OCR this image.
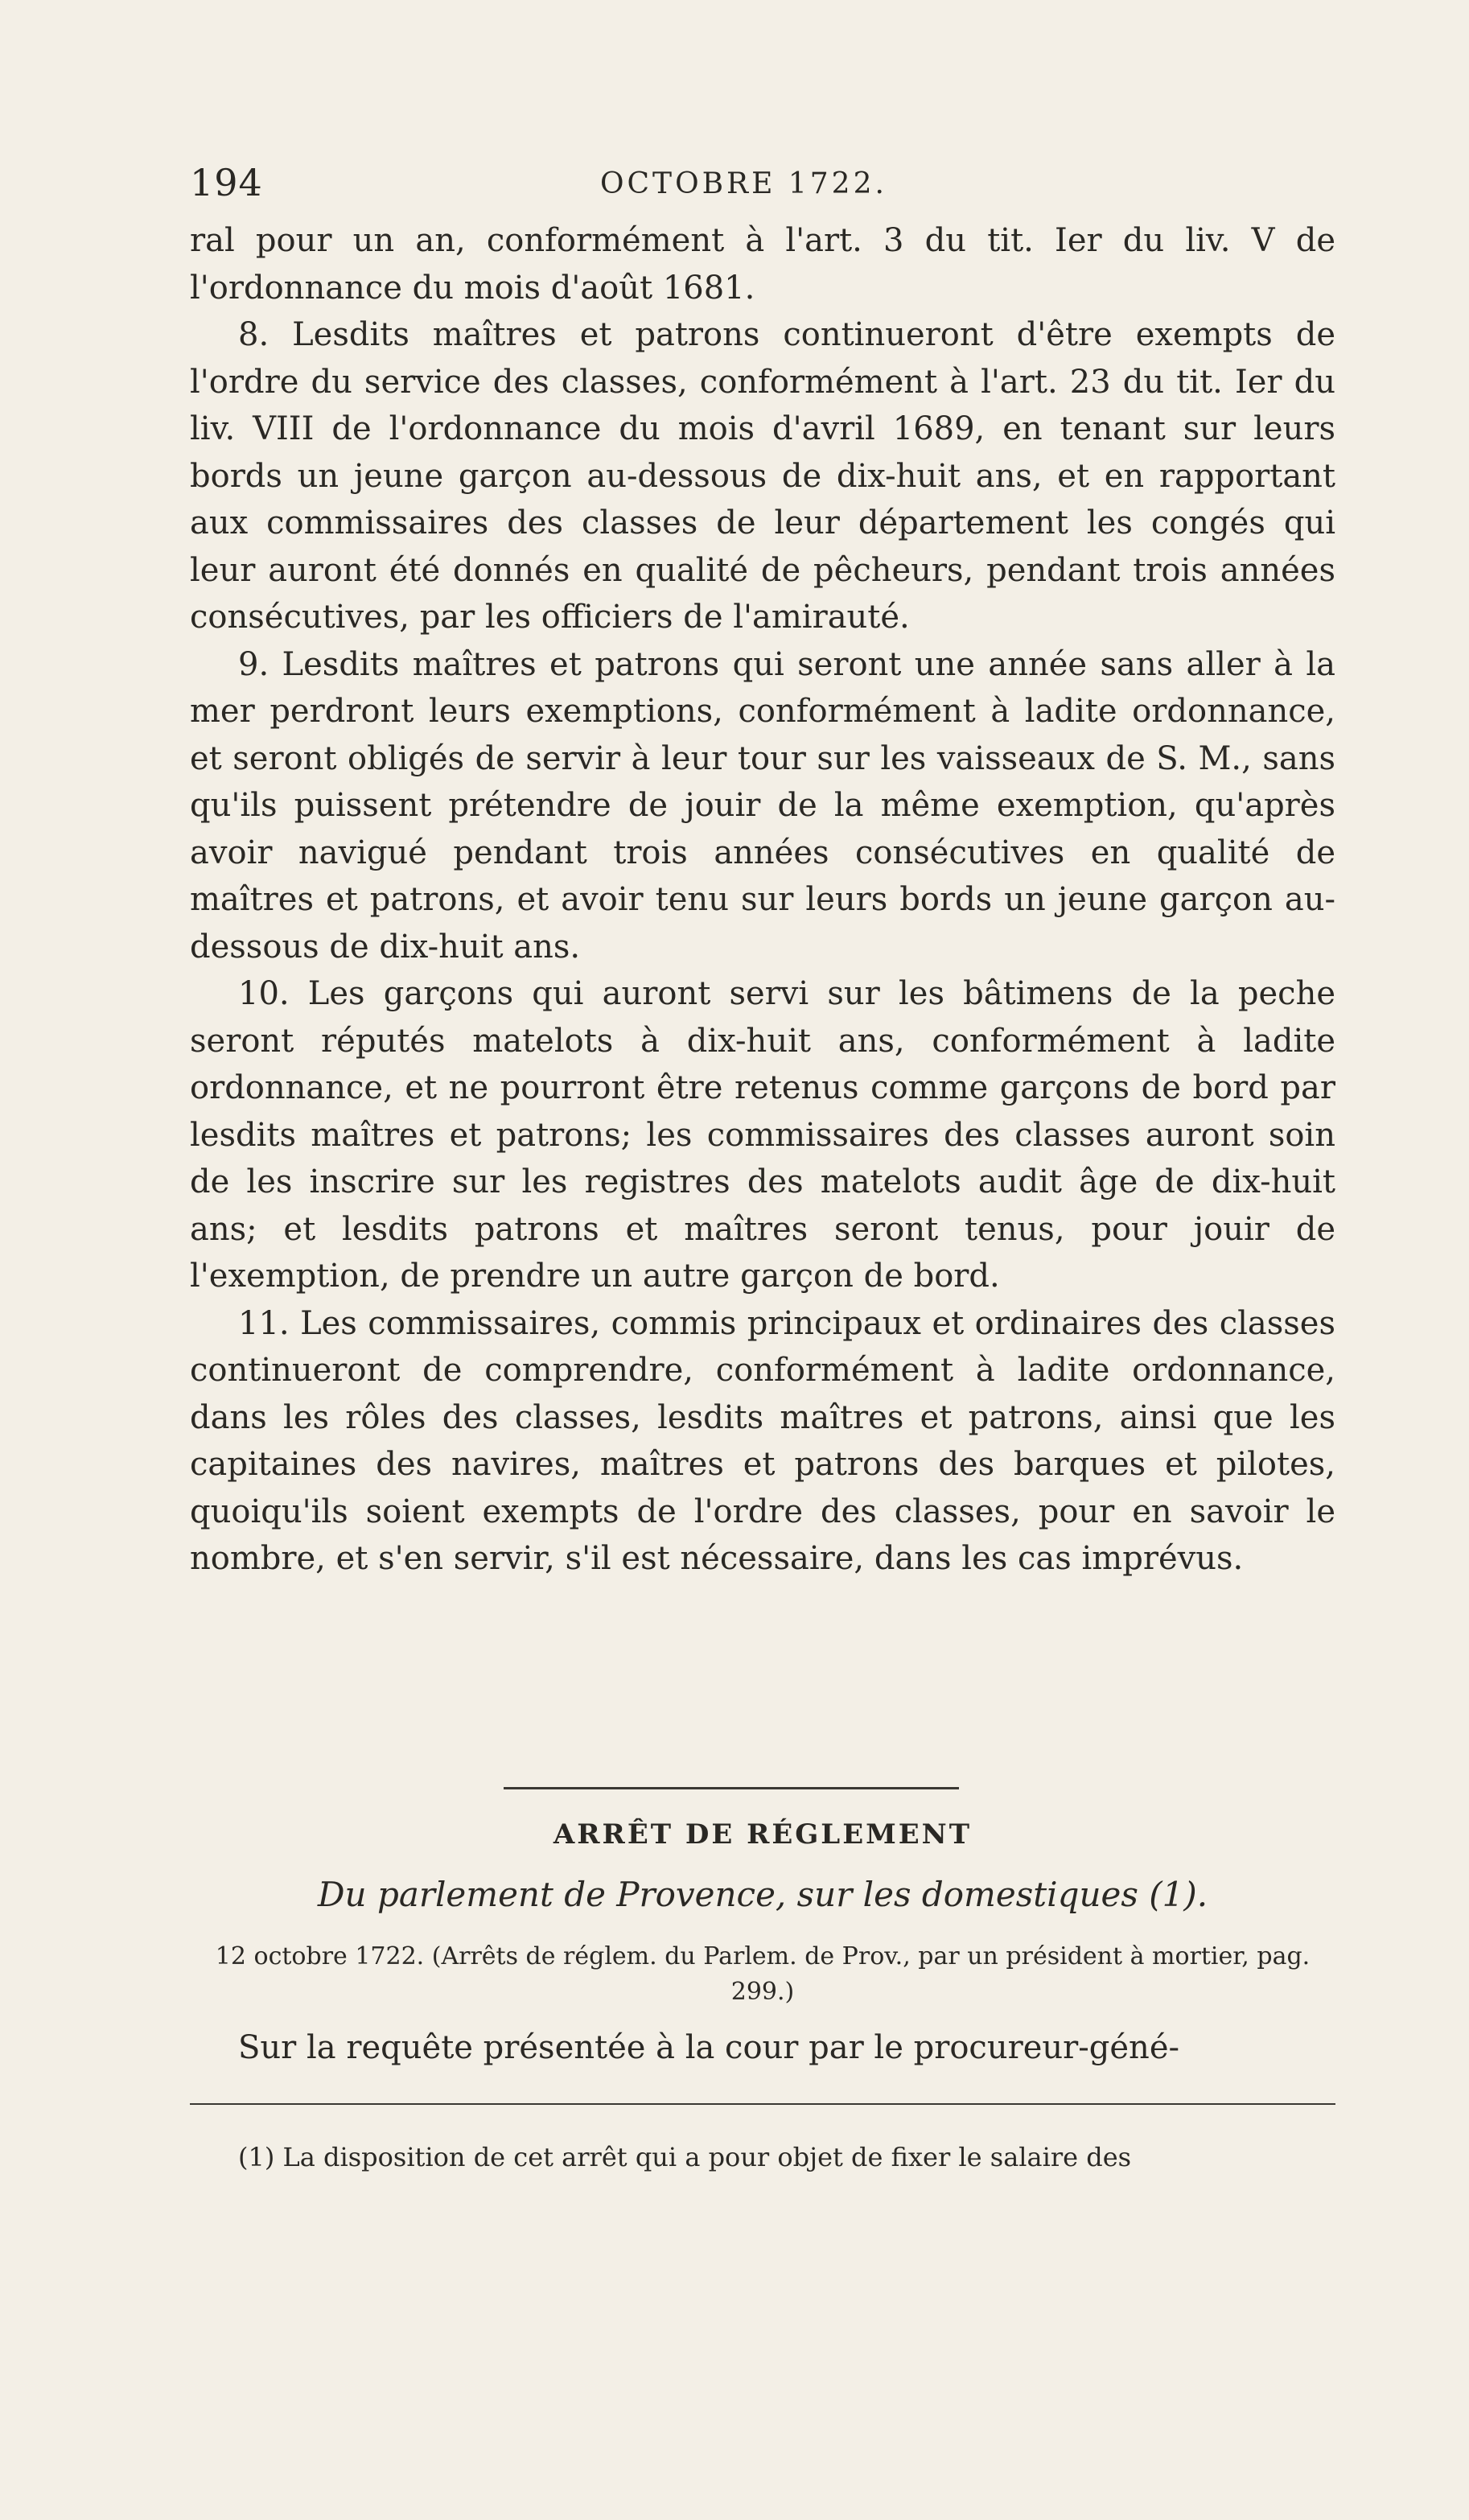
194	OCTOBRE 1722.

ral pour un an, conformément à l'art. 3 du tit. Ier du liv. V de l'ordonnance du mois d'août 1681.

8. Lesdits maîtres et patrons continueront d'être exempts de l'ordre du service des classes, conformément à l'art. 23 du tit. Ier du liv. VIII de l'ordonnance du mois d'avril 1689, en tenant sur leurs bords un jeune garçon au-dessous de dix-huit ans, et en rapportant aux commissaires des classes de leur département les congés qui leur auront été donnés en qualité de pêcheurs, pendant trois années consécutives, par les officiers de l'amirauté.

9. Lesdits maîtres et patrons qui seront une année sans aller à la mer perdront leurs exemptions, conformément à ladite ordonnance, et seront obligés de servir à leur tour sur les vaisseaux de S. M., sans qu'ils puissent prétendre de jouir de la même exemption, qu'après avoir navigué pendant trois années consécutives en qualité de maîtres et patrons, et avoir tenu sur leurs bords un jeune garçon au-dessous de dix-huit ans.

10. Les garçons qui auront servi sur les bâtimens de la peche seront réputés matelots à dix-huit ans, conformément à ladite ordonnance, et ne pourront être retenus comme garçons de bord par lesdits maîtres et patrons; les commissaires des classes auront soin de les inscrire sur les registres des matelots audit âge de dix-huit ans; et lesdits patrons et maîtres seront tenus, pour jouir de l'exemption, de prendre un autre garçon de bord.

11. Les commissaires, commis principaux et ordinaires des classes continueront de comprendre, conformément à ladite ordonnance, dans les rôles des classes, lesdits maîtres et patrons, ainsi que les capitaines des navires, maîtres et patrons des barques et pilotes, quoiqu'ils soient exempts de l'ordre des classes, pour en savoir le nombre, et s'en servir, s'il est nécessaire, dans les cas imprévus.

ARRÊT DE RÉGLEMENT
Du parlement de Provence, sur les domestiques (1).
12 octobre 1722. (Arrêts de réglem. du Parlem. de Prov., par un président à mortier, pag. 299.)
Sur la requête présentée à la cour par le procureur-géné-
(1) La disposition de cet arrêt qui a pour objet de fixer le salaire des
